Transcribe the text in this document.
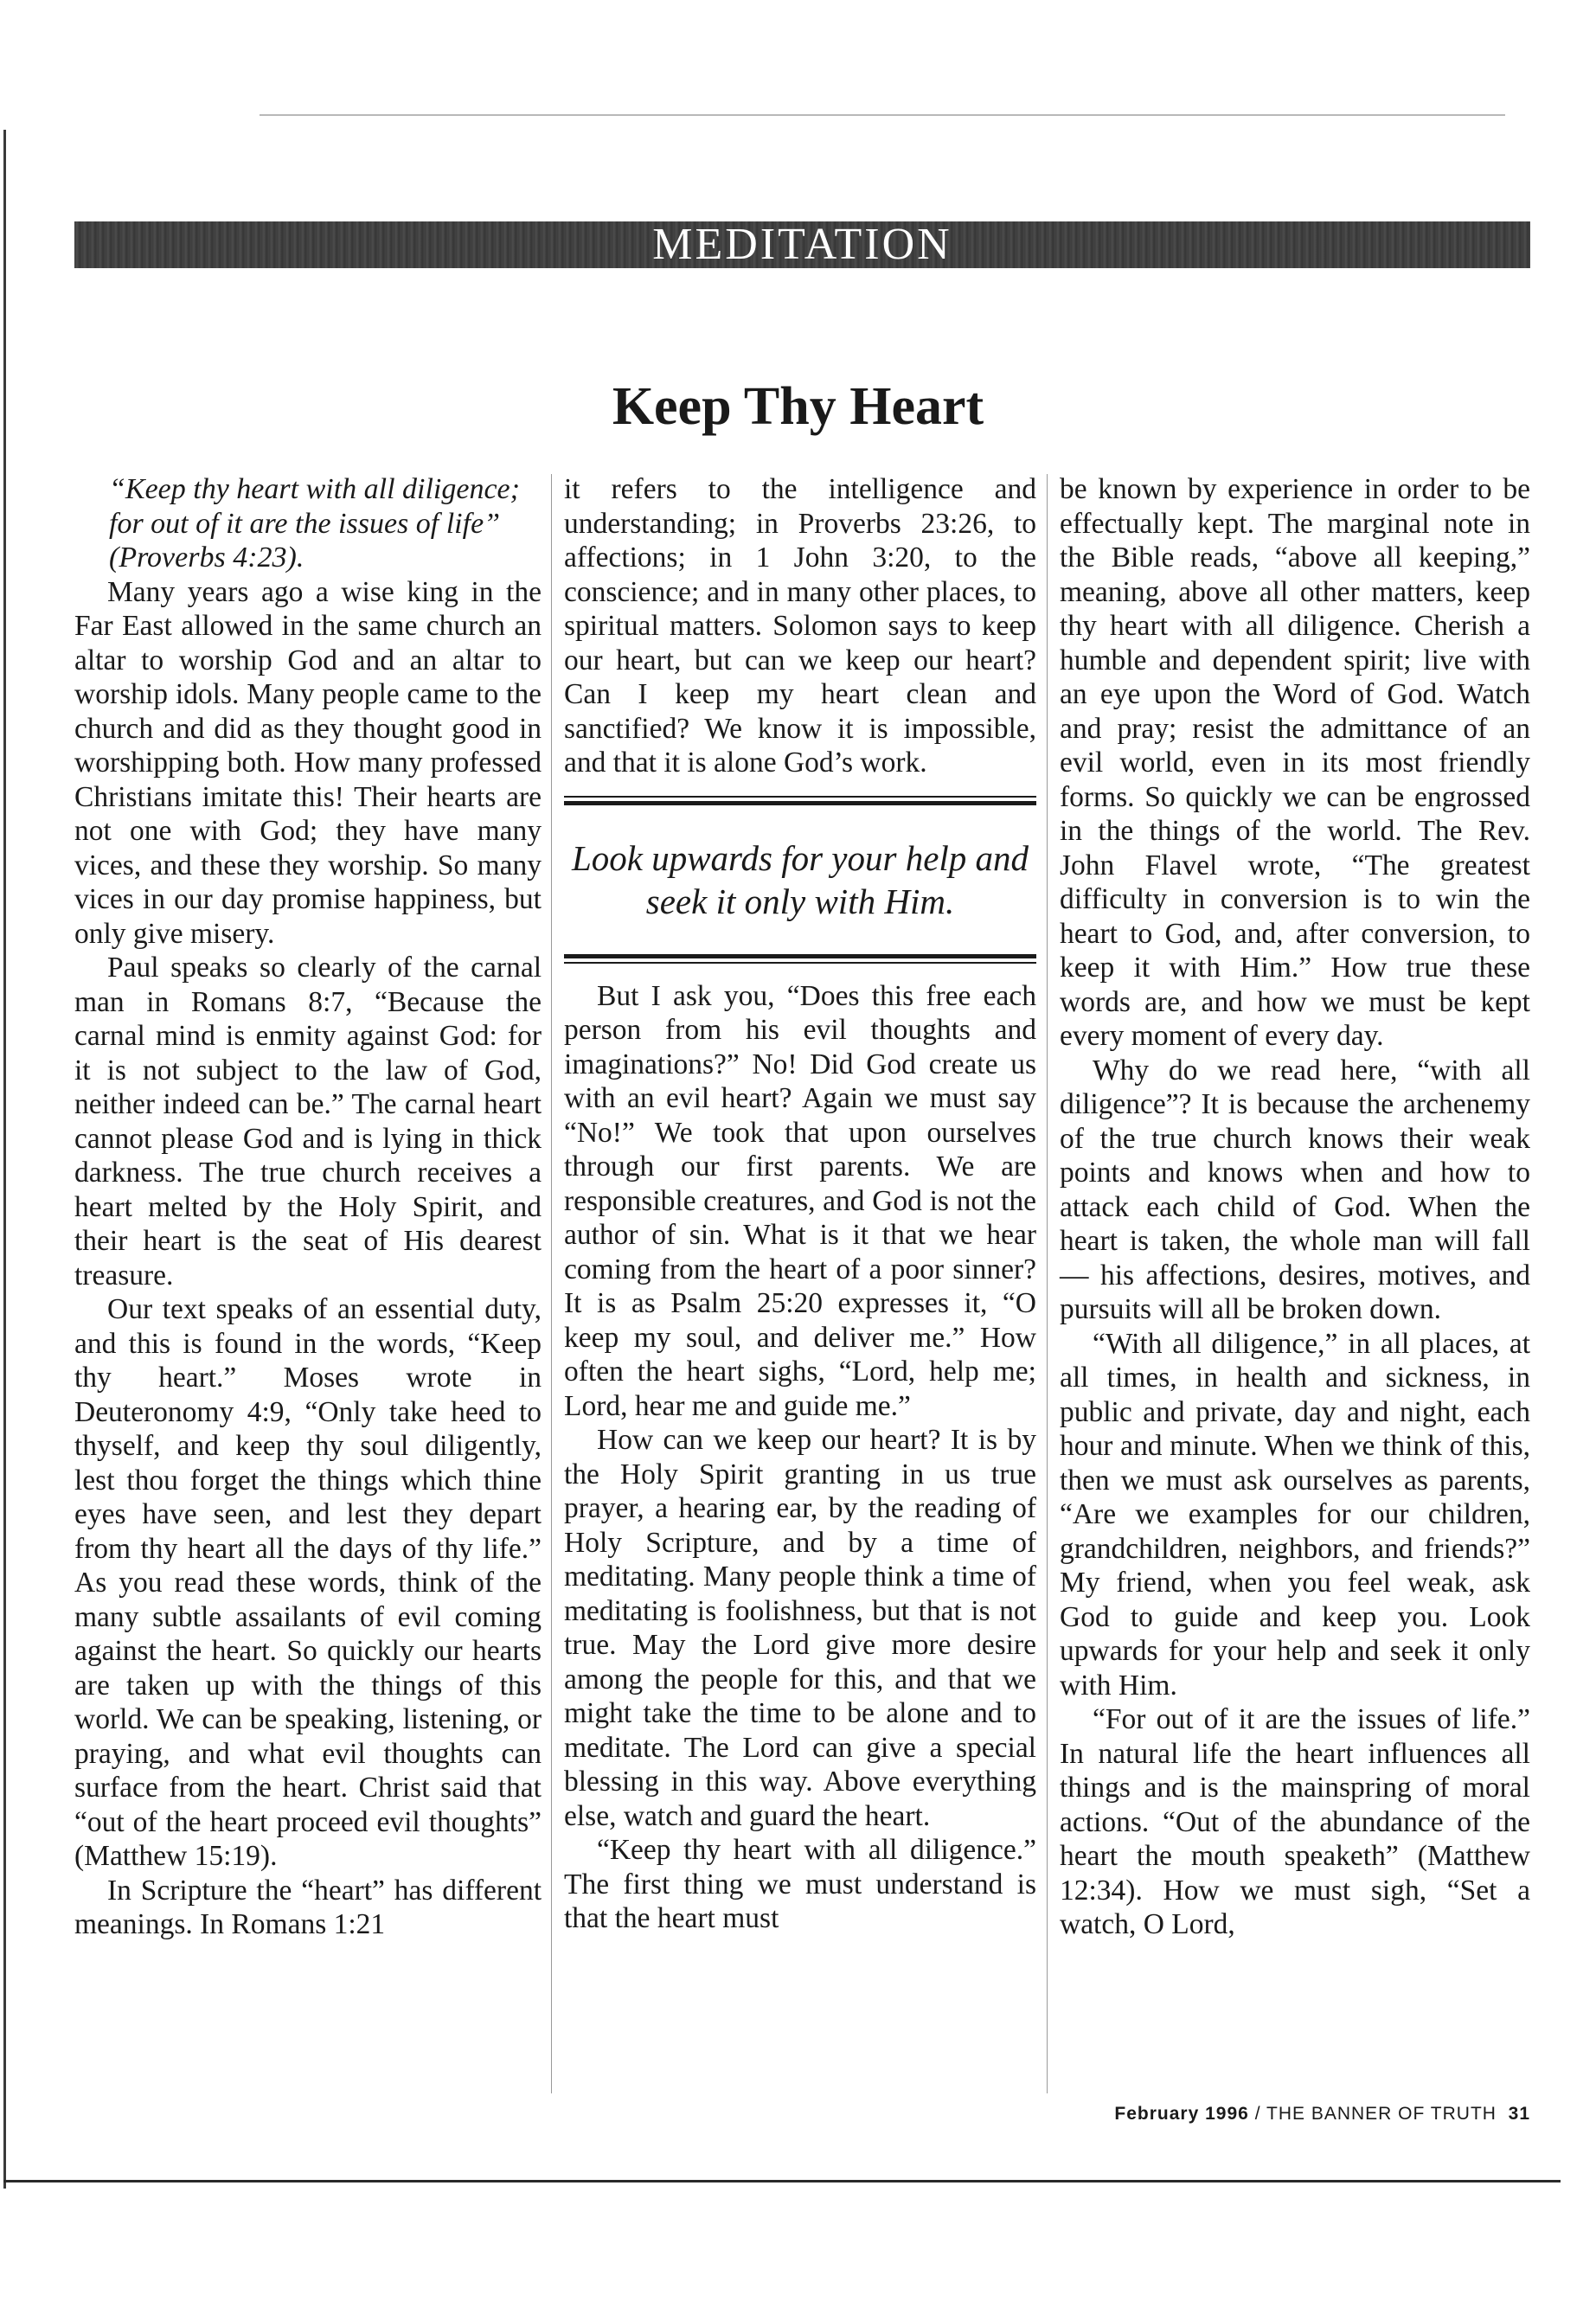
MEDITATION
Keep Thy Heart
“Keep thy heart with all diligence;
for out of it are the issues of life”
(Proverbs 4:23).

Many years ago a wise king in the Far East allowed in the same church an altar to worship God and an altar to worship idols. Many people came to the church and did as they thought good in worshipping both. How many professed Christians imitate this! Their hearts are not one with God; they have many vices, and these they worship. So many vices in our day promise happiness, but only give misery.

Paul speaks so clearly of the carnal man in Romans 8:7, “Because the carnal mind is enmity against God: for it is not subject to the law of God, neither indeed can be.” The carnal heart cannot please God and is lying in thick darkness. The true church receives a heart melted by the Holy Spirit, and their heart is the seat of His dearest treasure.

Our text speaks of an essential duty, and this is found in the words, “Keep thy heart.” Moses wrote in Deuteronomy 4:9, “Only take heed to thyself, and keep thy soul diligently, lest thou forget the things which thine eyes have seen, and lest they depart from thy heart all the days of thy life.” As you read these words, think of the many subtle assailants of evil coming against the heart. So quickly our hearts are taken up with the things of this world. We can be speaking, listening, or praying, and what evil thoughts can surface from the heart. Christ said that “out of the heart proceed evil thoughts” (Matthew 15:19).

In Scripture the “heart” has different meanings. In Romans 1:21

it refers to the intelligence and understanding; in Proverbs 23:26, to affections; in 1 John 3:20, to the conscience; and in many other places, to spiritual matters. Solomon says to keep our heart, but can we keep our heart? Can I keep my heart clean and sanctified? We know it is impossible, and that it is alone God’s work.

Look upwards for your help and seek it only with Him.

But I ask you, “Does this free each person from his evil thoughts and imaginations?” No! Did God create us with an evil heart? Again we must say “No!” We took that upon ourselves through our first parents. We are responsible creatures, and God is not the author of sin. What is it that we hear coming from the heart of a poor sinner? It is as Psalm 25:20 expresses it, “O keep my soul, and deliver me.” How often the heart sighs, “Lord, help me; Lord, hear me and guide me.”

How can we keep our heart? It is by the Holy Spirit granting in us true prayer, a hearing ear, by the reading of Holy Scripture, and by a time of meditating. Many people think a time of meditating is foolishness, but that is not true. May the Lord give more desire among the people for this, and that we might take the time to be alone and to meditate. The Lord can give a special blessing in this way. Above everything else, watch and guard the heart.

“Keep thy heart with all diligence.” The first thing we must understand is that the heart must

be known by experience in order to be effectually kept. The marginal note in the Bible reads, “above all keeping,” meaning, above all other matters, keep thy heart with all diligence. Cherish a humble and dependent spirit; live with an eye upon the Word of God. Watch and pray; resist the admittance of an evil world, even in its most friendly forms. So quickly we can be engrossed in the things of the world. The Rev. John Flavel wrote, “The greatest difficulty in conversion is to win the heart to God, and, after conversion, to keep it with Him.” How true these words are, and how we must be kept every moment of every day.

Why do we read here, “with all diligence”? It is because the archenemy of the true church knows their weak points and knows when and how to attack each child of God. When the heart is taken, the whole man will fall — his affections, desires, motives, and pursuits will all be broken down.

“With all diligence,” in all places, at all times, in health and sickness, in public and private, day and night, each hour and minute. When we think of this, then we must ask ourselves as parents, “Are we examples for our children, grandchildren, neighbors, and friends?” My friend, when you feel weak, ask God to guide and keep you. Look upwards for your help and seek it only with Him.

“For out of it are the issues of life.” In natural life the heart influences all things and is the mainspring of moral actions. “Out of the abundance of the heart the mouth speaketh” (Matthew 12:34). How we must sigh, “Set a watch, O Lord,

February 1996 / THE BANNER OF TRUTH 31
